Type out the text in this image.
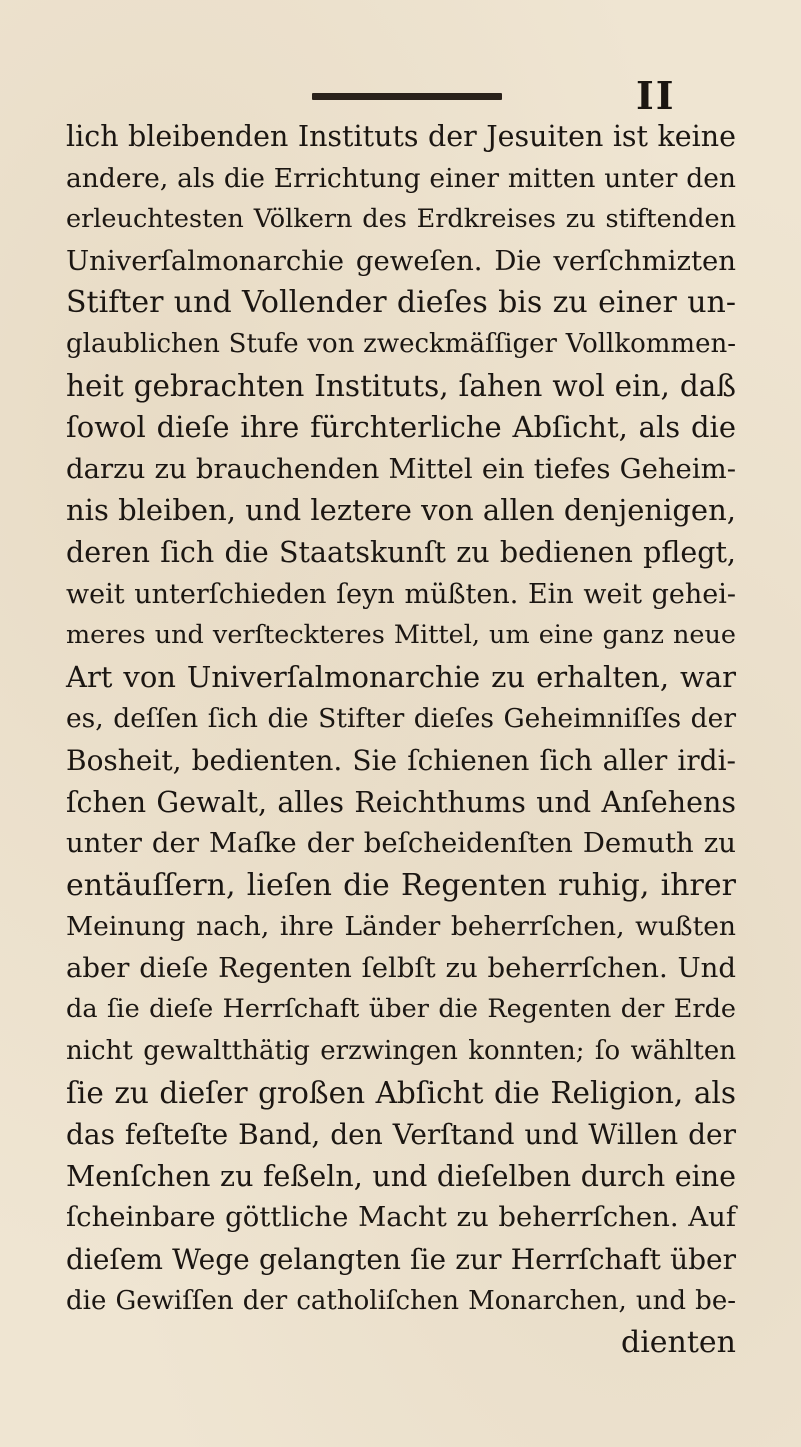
II
lich bleibenden Instituts der Jesuiten ist keine
andere, als die Errichtung einer mitten unter den
erleuchtesten Völkern des Erdkreises zu stiftenden
Univerſalmonarchie geweſen. Die verſchmizten
Stifter und Vollender dieſes bis zu einer un-
glaublichen Stufe von zweckmäſſiger Vollkommen-
heit gebrachten Instituts, ſahen wol ein, daß
ſowol dieſe ihre fürchterliche Abſicht, als die
darzu zu brauchenden Mittel ein tiefes Geheim-
nis bleiben, und leztere von allen denjenigen,
deren ſich die Staatskunſt zu bedienen pflegt,
weit unterſchieden ſeyn müßten. Ein weit gehei-
meres und verſteckteres Mittel, um eine ganz neue
Art von Univerſalmonarchie zu erhalten, war
es, deſſen ſich die Stifter dieſes Geheimniſſes der
Bosheit, bedienten. Sie ſchienen ſich aller irdi-
ſchen Gewalt, alles Reichthums und Anſehens
unter der Maſke der beſcheidenſten Demuth zu
entäuſſern, lieſen die Regenten ruhig, ihrer
Meinung nach, ihre Länder beherrſchen, wußten
aber dieſe Regenten ſelbſt zu beherrſchen. Und
da ſie dieſe Herrſchaft über die Regenten der Erde
nicht gewaltthätig erzwingen konnten; ſo wählten
ſie zu dieſer großen Abſicht die Religion, als
das feſteſte Band, den Verſtand und Willen der
Menſchen zu feßeln, und dieſelben durch eine
ſcheinbare göttliche Macht zu beherrſchen. Auf
dieſem Wege gelangten ſie zur Herrſchaft über
die Gewiſſen der catholiſchen Monarchen, und be-
dienten
